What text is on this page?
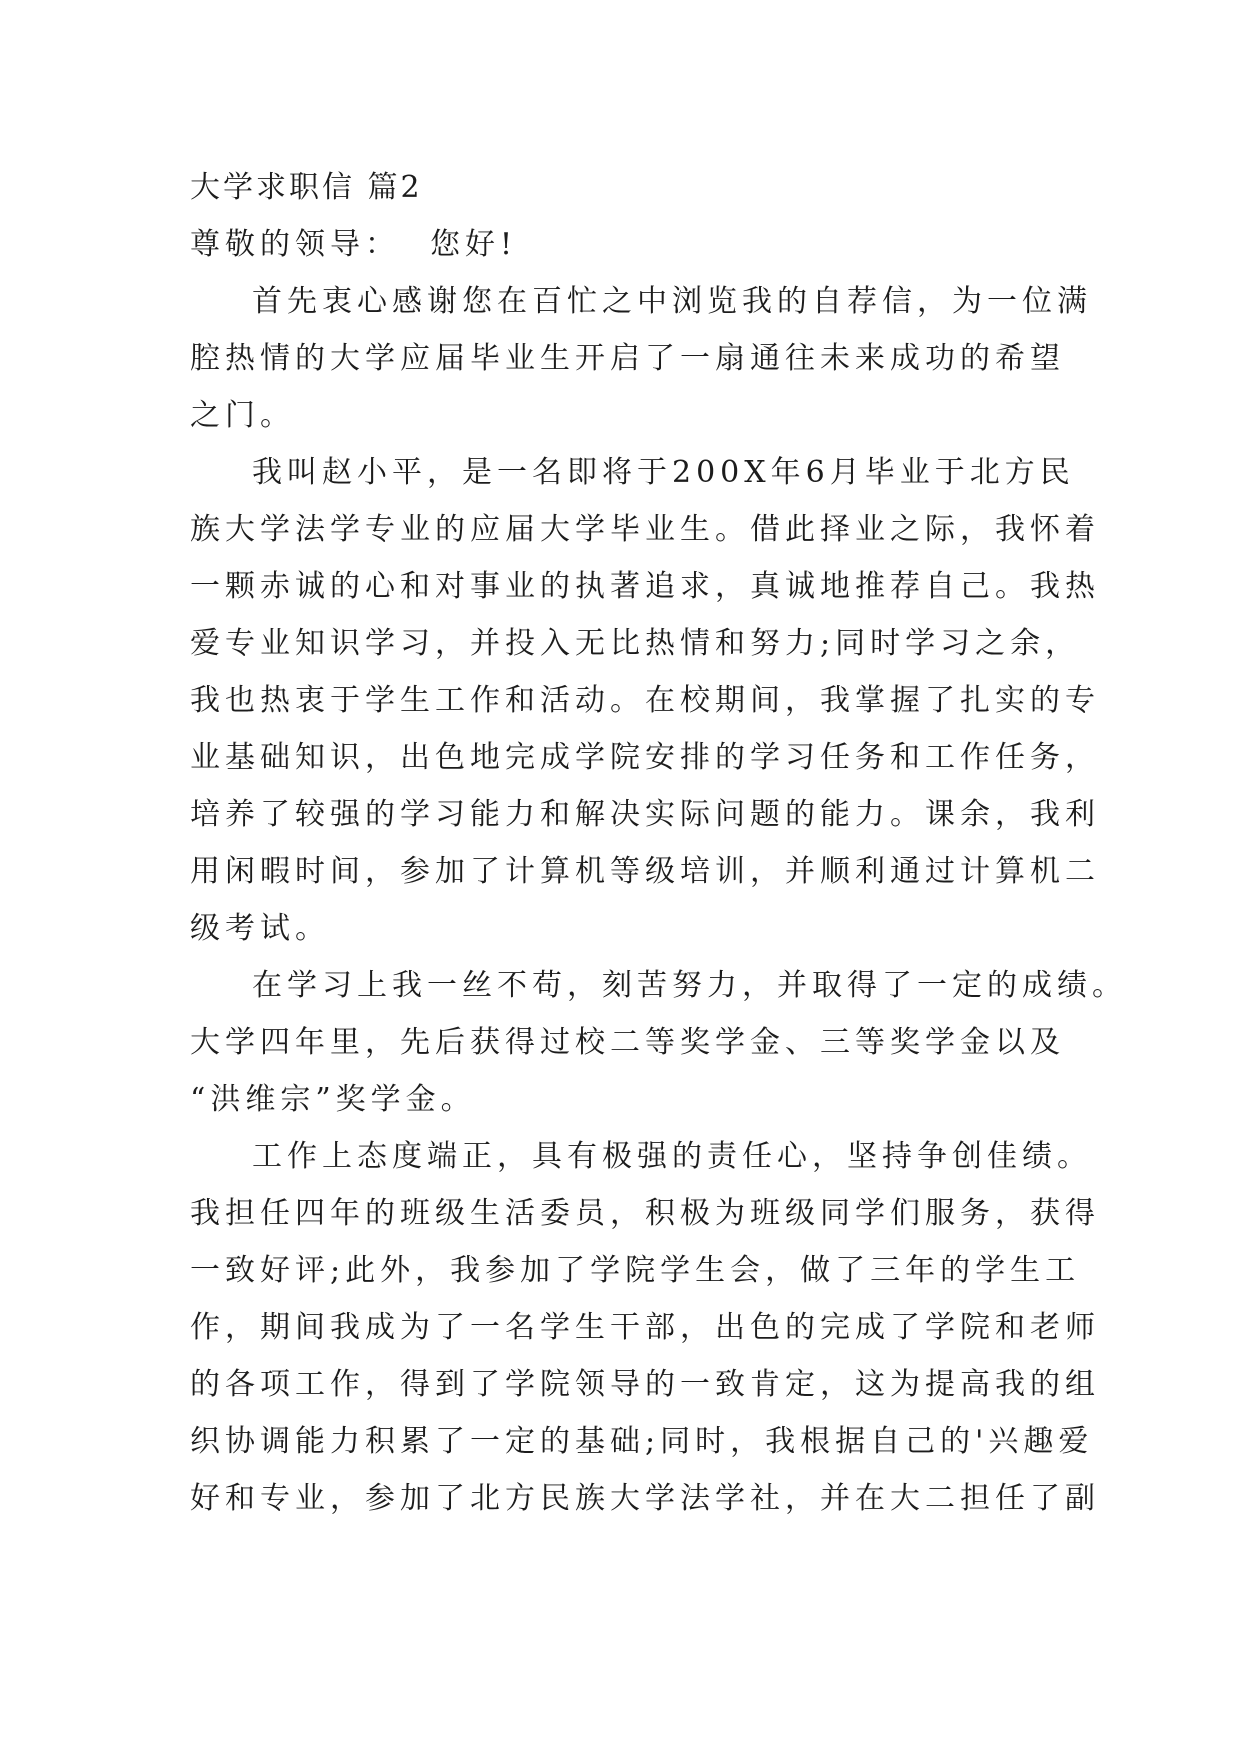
大学求职信 篇2
尊敬的领导： 您好!
首先衷心感谢您在百忙之中浏览我的自荐信，为一位满
腔热情的大学应届毕业生开启了一扇通往未来成功的希望
之门。
我叫赵小平，是一名即将于200X年6月毕业于北方民
族大学法学专业的应届大学毕业生。借此择业之际，我怀着
一颗赤诚的心和对事业的执著追求，真诚地推荐自己。我热
爱专业知识学习，并投入无比热情和努力;同时学习之余，
我也热衷于学生工作和活动。在校期间，我掌握了扎实的专
业基础知识，出色地完成学院安排的学习任务和工作任务，
培养了较强的学习能力和解决实际问题的能力。课余，我利
用闲暇时间，参加了计算机等级培训，并顺利通过计算机二
级考试。
在学习上我一丝不苟，刻苦努力，并取得了一定的成绩。
大学四年里，先后获得过校二等奖学金、三等奖学金以及
“洪维宗”奖学金。
工作上态度端正，具有极强的责任心，坚持争创佳绩。
我担任四年的班级生活委员，积极为班级同学们服务，获得
一致好评;此外，我参加了学院学生会，做了三年的学生工
作，期间我成为了一名学生干部，出色的完成了学院和老师
的各项工作，得到了学院领导的一致肯定，这为提高我的组
织协调能力积累了一定的基础;同时，我根据自己的'兴趣爱
好和专业，参加了北方民族大学法学社，并在大二担任了副
